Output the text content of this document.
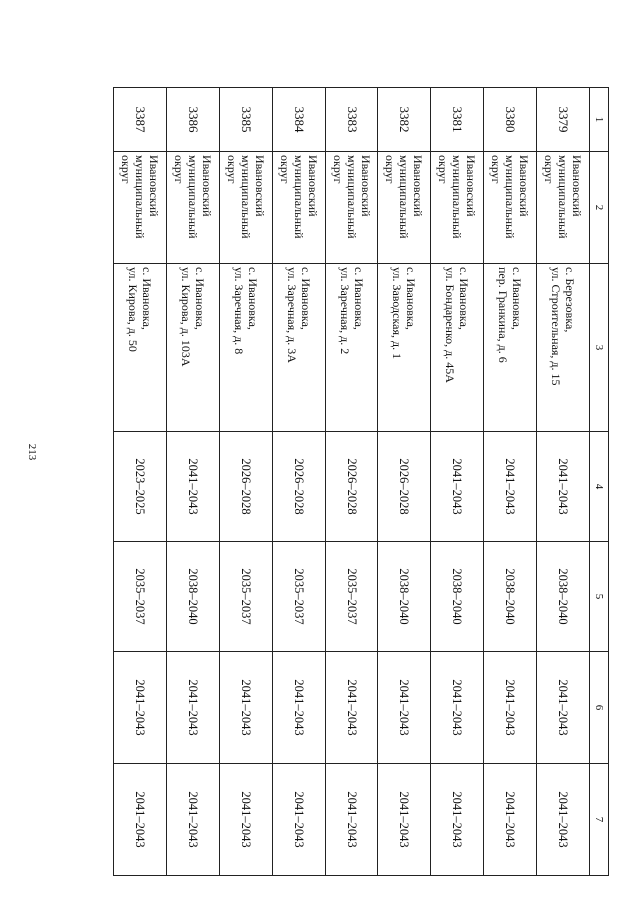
213
1	2	3	4	5	6	7
3379	Ивановский
муниципальный
округ	с. Березовка,
ул. Строительная, д. 15	2041–2043	2038–2040	2041–2043	2041–2043
3380	Ивановский
муниципальный
округ	с. Ивановка,
пер. Гранкина, д. 6	2041–2043	2038–2040	2041–2043	2041–2043
3381	Ивановский
муниципальный
округ	с. Ивановка,
ул. Бондаренко, д. 45А	2041–2043	2038–2040	2041–2043	2041–2043
3382	Ивановский
муниципальный
округ	с. Ивановка,
ул. Заводская, д. 1	2026–2028	2038–2040	2041–2043	2041–2043
3383	Ивановский
муниципальный
округ	с. Ивановка,
ул. Заречная, д. 2	2026–2028	2035–2037	2041–2043	2041–2043
3384	Ивановский
муниципальный
округ	с. Ивановка,
ул. Заречная, д. 3А	2026–2028	2035–2037	2041–2043	2041–2043
3385	Ивановский
муниципальный
округ	с. Ивановка,
ул. Заречная, д. 8	2026–2028	2035–2037	2041–2043	2041–2043
3386	Ивановский
муниципальный
округ	с. Ивановка,
ул. Кирова, д. 103А	2041–2043	2038–2040	2041–2043	2041–2043
3387	Ивановский
муниципальный
округ	с. Ивановка,
ул. Кирова, д. 50	2023–2025	2035–2037	2041–2043	2041–2043
